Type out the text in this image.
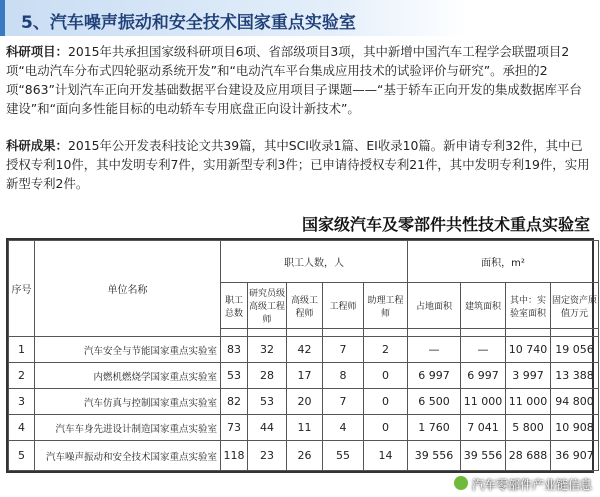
5、汽车噪声振动和安全技术国家重点实验室
科研项目：2015年共承担国家级科研项目6项、省部级项目3项，其中新增中国汽车工程学会联盟项目2项“电动汽车分布式四轮驱动系统开发”和“电动汽车平台集成应用技术的试验评价与研究”。承担的2项“863”计划汽车正向开发基础数据平台建设及应用项目子课题——“基于轿车正向开发的集成数据库平台建设”和“面向多性能目标的电动轿车专用底盘正向设计新技术”。
科研成果：2015年公开发表科技论文共39篇，其中SCI收录1篇、EI收录10篇。新申请专利32件，其中已授权专利10件，其中发明专利7件，实用新型专利3件；已申请待授权专利21件，其中发明专利19件，实用新型专利2件。
国家级汽车及零部件共性技术重点实验室
序号	单位名称	职工人数，人					面积，m²			
		职工总数	研究员级高级工程师	高级工程师	工程师	助理工程师	占地面积	建筑面积	其中：实验室面积	固定资产原值万元

1	汽车安全与节能国家重点实验室	83	32	42	7	2	—	—	10 740	19 056
2	内燃机燃烧学国家重点实验室	53	28	17	8	0	6 997	6 997	3 997	13 388
3	汽车仿真与控制国家重点实验室	82	53	20	7	0	6 500	11 000	11 000	94 800
4	汽车车身先进设计制造国家重点实验室	73	44	11	4	0	1 760	7 041	5 800	10 908
5	汽车噪声振动和安全技术国家重点实验室	118	23	26	55	14	39 556	39 556	28 688	36 907
汽车零部件产业链信息
